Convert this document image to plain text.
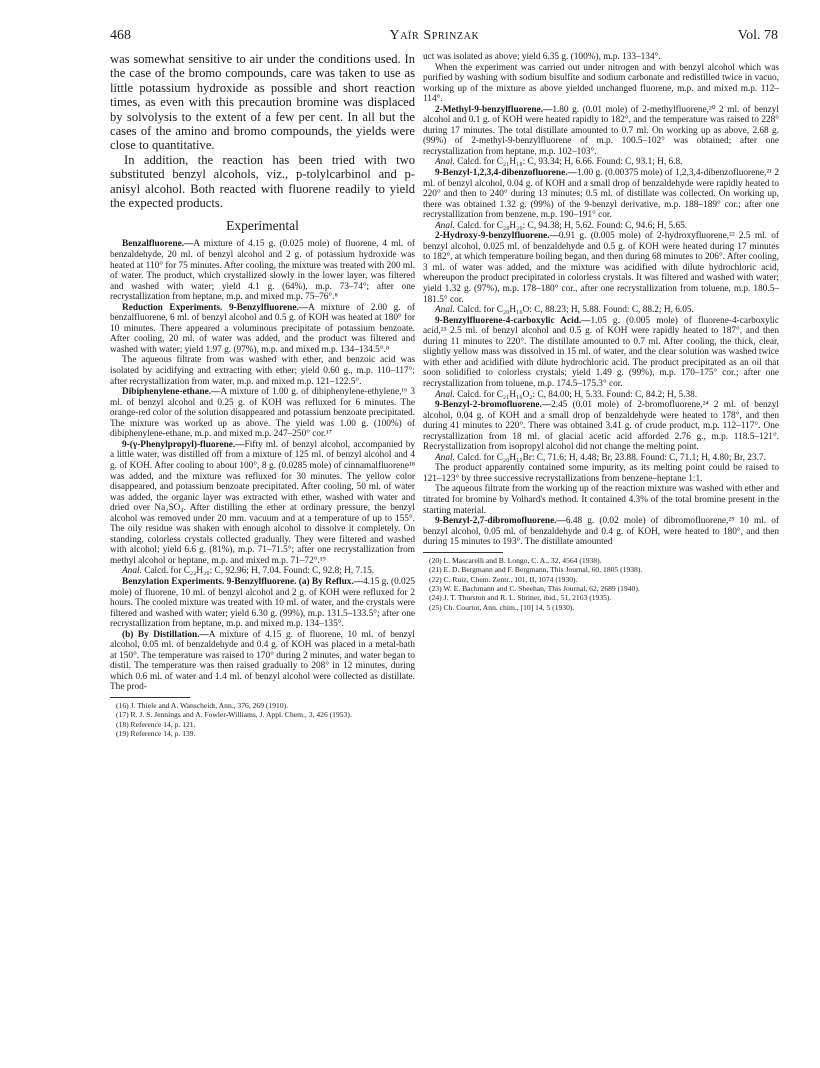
468	Yaïr Sprinzak	Vol. 78

was somewhat sensitive to air under the conditions used. In the case of the bromo compounds, care was taken to use as little potassium hydroxide as possible and short reaction times, as even with this precaution bromine was displaced by solvolysis to the extent of a few per cent. In all but the cases of the amino and bromo compounds, the yields were close to quantitative.

In addition, the reaction has been tried with two substituted benzyl alcohols, viz., p-tolylcarbinol and p-anisyl alcohol. Both reacted with fluorene readily to yield the expected products.

Experimental

Benzalfluorene.—A mixture of 4.15 g. (0.025 mole) of fluorene, 4 ml. of benzaldehyde, 20 ml. of benzyl alcohol and 2 g. of potassium hydroxide was heated at 110° for 75 minutes. After cooling, the mixture was treated with 200 ml. of water. The product, which crystallized slowly in the lower layer, was filtered and washed with water; yield 4.1 g. (64%), m.p. 73–74°; after one recrystallization from heptane, m.p. and mixed m.p. 75–76°.⁸

Reduction Experiments. 9-Benzylfluorene.—A mixture of 2.00 g. of benzalfluorene, 6 ml. of benzyl alcohol and 0.5 g. of KOH was heated at 180° for 10 minutes. There appeared a voluminous precipitate of potassium benzoate. After cooling, 20 ml. of water was added, and the product was filtered and washed with water; yield 1.97 g. (97%), m.p. and mixed m.p. 134–134.5°.⁸

The aqueous filtrate from was washed with ether, and benzoic acid was isolated by acidifying and extracting with ether; yield 0.60 g., m.p. 110–117°; after recrystallization from water, m.p. and mixed m.p. 121–122.5°.

Dibiphenylene-ethane.—A mixture of 1.00 g. of dibiphenylene-ethylene,¹⁶ 3 ml. of benzyl alcohol and 0.25 g. of KOH was refluxed for 6 minutes. The orange-red color of the solution disappeared and potassium benzoate precipitated. The mixture was worked up as above. The yield was 1.00 g. (100%) of dibiphenylene-ethane, m.p. and mixed m.p. 247–250° cor.¹⁷

9-(γ-Phenylpropyl)-fluorene.—Fifty ml. of benzyl alcohol, accompanied by a little water, was distilled off from a mixture of 125 ml. of benzyl alcohol and 4 g. of KOH. After cooling to about 100°, 8 g. (0.0285 mole) of cinnamalfluorene¹⁸ was added, and the mixture was refluxed for 30 minutes. The yellow color disappeared, and potassium benzoate precipitated. After cooling, 50 ml. of water was added, the organic layer was extracted with ether, washed with water and dried over Na₂SO₄. After distilling the ether at ordinary pressure, the benzyl alcohol was removed under 20 mm. vacuum and at a temperature of up to 155°. The oily residue was shaken with enough alcohol to dissolve it completely. On standing, colorless crystals collected gradually. They were filtered and washed with alcohol; yield 6.6 g. (81%), m.p. 71–71.5°; after one recrystallization from methyl alcohol or heptane, m.p. and mixed m.p. 71–72°.¹⁹

Anal. Calcd. for C₂₂H₂₀: C, 92.96; H, 7.04. Found: C, 92.8; H, 7.15.

Benzylation Experiments. 9-Benzylfluorene. (a) By Reflux.—4.15 g. (0.025 mole) of fluorene, 10 ml. of benzyl alcohol and 2 g. of KOH were refluxed for 2 hours. The cooled mixture was treated with 10 ml. of water, and the crystals were filtered and washed with water; yield 6.30 g. (99%), m.p. 131.5–133.5°; after one recrystallization from heptane, m.p. and mixed m.p. 134–135°.

(b) By Distillation.—A mixture of 4.15 g. of fluorene, 10 ml. of benzyl alcohol, 0.05 ml. of benzaldehyde and 0.4 g. of KOH was placed in a metal-bath at 150°. The temperature was raised to 170° during 2 minutes, and water began to distil. The temperature was then raised gradually to 208° in 12 minutes, during which 0.6 ml. of water and 1.4 ml. of benzyl alcohol were collected as distillate. The prod-

(16) J. Thiele and A. Wanscheidt, Ann., 376, 269 (1910).

(17) R. J. S. Jennings and A. Fowler-Williams, J. Appl. Chem., 3, 426 (1953).

(18) Reference 14, p. 121.

(19) Reference 14, p. 139.

uct was isolated as above; yield 6.35 g. (100%), m.p. 133–134°.

When the experiment was carried out under nitrogen and with benzyl alcohol which was purified by washing with sodium bisulfite and sodium carbonate and redistilled twice in vacuo, working up of the mixture as above yielded unchanged fluorene, m.p. and mixed m.p. 112–114°.

2-Methyl-9-benzylfluorene.—1.80 g. (0.01 mole) of 2-methylfluorene,²⁰ 2 ml. of benzyl alcohol and 0.1 g. of KOH were heated rapidly to 182°, and the temperature was raised to 228° during 17 minutes. The total distillate amounted to 0.7 ml. On working up as above, 2.68 g. (99%) of 2-methyl-9-benzylfluorene of m.p. 100.5–102° was obtained; after one recrystallization from heptane, m.p. 102–103°.

Anal. Calcd. for C₂₁H₁₈: C, 93.34; H, 6.66. Found: C, 93.1; H, 6.8.

9-Benzyl-1,2,3,4-dibenzofluorene.—1.00 g. (0.00375 mole) of 1,2,3,4-dibenzofluorene,²¹ 2 ml. of benzyl alcohol, 0.04 g. of KOH and a small drop of benzaldehyde were rapidly heated to 220° and then to 240° during 13 minutes; 0.5 ml. of distillate was collected. On working up, there was obtained 1.32 g. (99%) of the 9-benzyl derivative, m.p. 188–189° cor.; after one recrystallization from benzene, m.p. 190–191° cor.

Anal. Calcd. for C₂₈H₂₀: C, 94.38; H, 5.62. Found: C, 94.6; H, 5.65.

2-Hydroxy-9-benzylfluorene.—0.91 g. (0.005 mole) of 2-hydroxyfluorene,²² 2.5 ml. of benzyl alcohol, 0.025 ml. of benzaldehyde and 0.5 g. of KOH were heated during 17 minutes to 182°, at which temperature boiling began, and then during 68 minutes to 206°. After cooling, 3 ml. of water was added, and the mixture was acidified with dilute hydrochloric acid, whereupon the product precipitated in colorless crystals. It was filtered and washed with water; yield 1.32 g. (97%), m.p. 178–180° cor., after one recrystallization from toluene, m.p. 180.5–181.5° cor.

Anal. Calcd. for C₂₀H₁₆O: C, 88.23; H, 5.88. Found: C, 88.2; H, 6.05.

9-Benzylfluorene-4-carboxylic Acid.—1.05 g. (0.005 mole) of fluorene-4-carboxylic acid,²³ 2.5 ml. of benzyl alcohol and 0.5 g. of KOH were rapidly heated to 187°, and then during 11 minutes to 220°. The distillate amounted to 0.7 ml. After cooling, the thick, clear, slightly yellow mass was dissolved in 15 ml. of water, and the clear solution was washed twice with ether and acidified with dilute hydrochloric acid. The product precipitated as an oil that soon solidified to colorless crystals; yield 1.49 g. (99%), m.p. 170–175° cor.; after one recrystallization from toluene, m.p. 174.5–175.3° cor.

Anal. Calcd. for C₂₁H₁₆O₂: C, 84.00; H, 5.33. Found: C, 84.2; H, 5.38.

9-Benzyl-2-bromofluorene.—2.45 (0.01 mole) of 2-bromofluorene,²⁴ 2 ml. of benzyl alcohol, 0.04 g. of KOH and a small drop of benzaldehyde were heated to 178°, and then during 41 minutes to 220°. There was obtained 3.41 g. of crude product, m.p. 112–117°. One recrystallization from 18 ml. of glacial acetic acid afforded 2.76 g., m.p. 118.5–121°. Recrystallization from isopropyl alcohol did not change the melting point.

Anal. Calcd. for C₂₀H₁₅Br: C, 71.6; H, 4.48; Br, 23.88. Found: C, 71.1; H, 4.80; Br, 23.7.

The product apparently contained some impurity, as its melting point could be raised to 121–123° by three successive recrystallizations from benzene–heptane 1:1.

The aqueous filtrate from the working up of the reaction mixture was washed with ether and titrated for bromine by Volhard's method. It contained 4.3% of the total bromine present in the starting material.

9-Benzyl-2,7-dibromofluorene.—6.48 g. (0.02 mole) of dibromofluorene,²⁵ 10 ml. of benzyl alcohol, 0.05 ml. of benzaldehyde and 0.4 g. of KOH, were heated to 180°, and then during 15 minutes to 193°. The distillate amounted

(20) L. Mascarelli and B. Longo, C. A., 32, 4564 (1938).

(21) E. D. Bergmann and F. Bergmann, This Journal, 60, 1805 (1938).

(22) C. Ruiz, Chem. Zentr., 101, II, 1074 (1930).

(23) W. E. Bachmann and C. Sheehan, This Journal, 62, 2689 (1940).

(24) J. T. Thurston and R. L. Shriner, ibid., 51, 2163 (1935).

(25) Ch. Courtot, Ann. chim., [10] 14, 5 (1930).
